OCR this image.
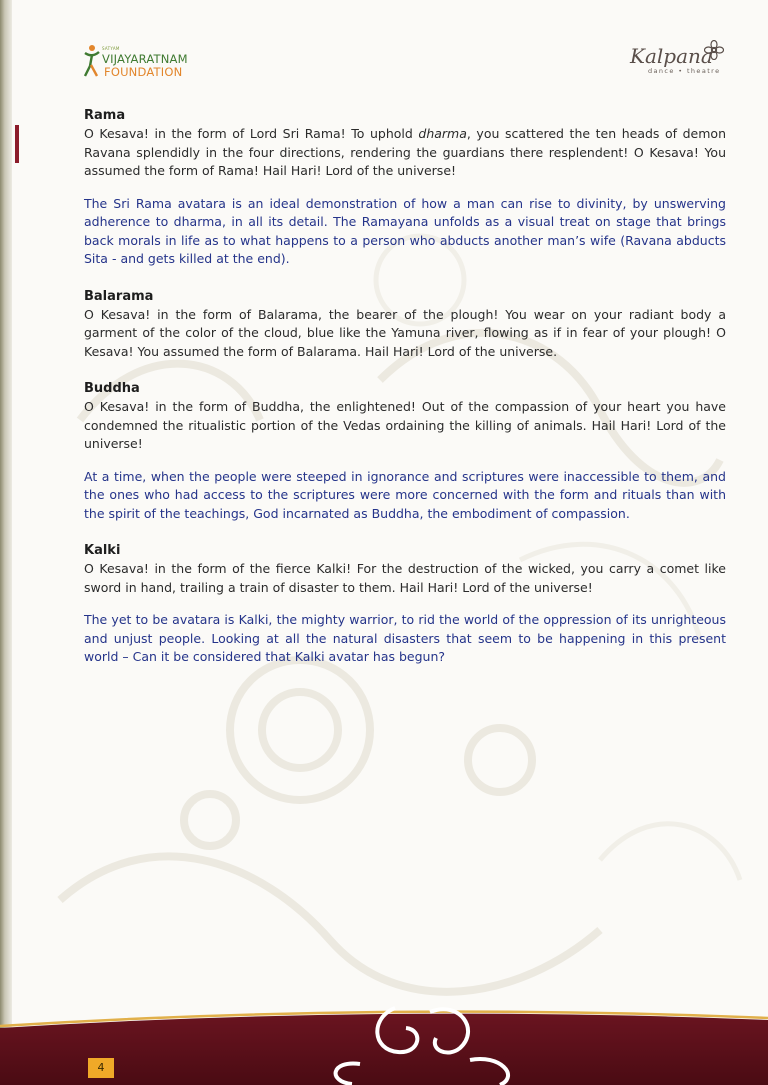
SATYAM
VIJAYARATNAM
FOUNDATION
Kalpana
dance • theatre

Rama

O Kesava! in the form of Lord Sri Rama! To uphold dharma, you scattered the ten heads of demon Ravana splendidly in the four directions, rendering the guardians there resplendent! O Kesava! You assumed the form of Rama! Hail Hari! Lord of the universe!

The Sri Rama avatara is an ideal demonstration of how a man can rise to divinity, by unswerving adherence to dharma, in all its detail. The Ramayana unfolds as a visual treat on stage that brings back morals in life as to what happens to a person who abducts another man’s wife (Ravana abducts Sita - and gets killed at the end).

Balarama

O Kesava! in the form of Balarama, the bearer of the plough! You wear on your radiant body a garment of the color of the cloud, blue like the Yamuna river, flowing as if in fear of your plough! O Kesava! You assumed the form of Balarama. Hail Hari! Lord of the universe.

Buddha

O Kesava! in the form of Buddha, the enlightened! Out of the compassion of your heart you have condemned the ritualistic portion of the Vedas ordaining the killing of animals. Hail Hari! Lord of the universe!

At a time, when the people were steeped in ignorance and scriptures were inaccessible to them, and the ones who had access to the scriptures were more concerned with the form and rituals than with the spirit of the teachings, God incarnated as Buddha, the embodiment of compassion.

Kalki

O Kesava! in the form of the fierce Kalki! For the destruction of the wicked, you carry a comet like sword in hand, trailing a train of disaster to them. Hail Hari! Lord of the universe!

The yet to be avatara is Kalki, the mighty warrior, to rid the world of the oppression of its unrighteous and unjust people. Looking at all the natural disasters that seem to be happening in this present world – Can it be considered that Kalki avatar has begun?

4
